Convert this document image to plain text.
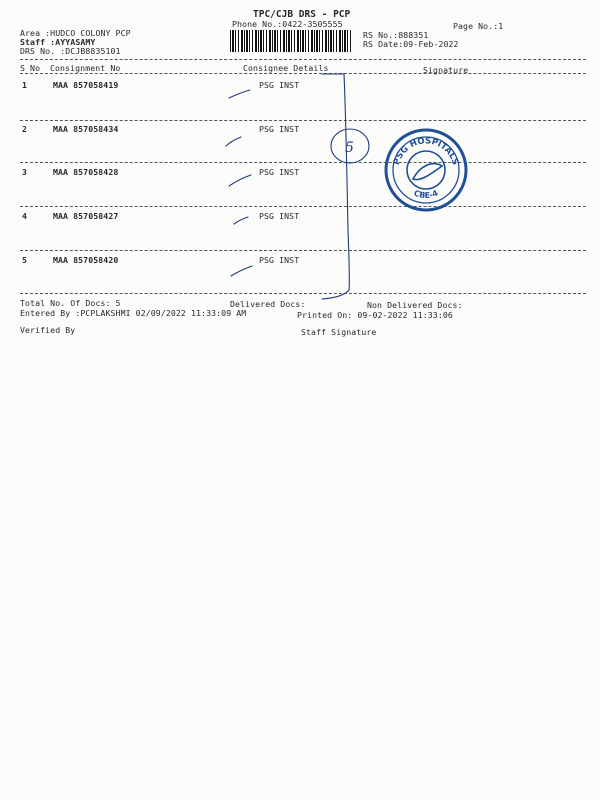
TPC/CJB DRS - PCP
Phone No.:0422-3505555	Page No.:1
Area :HUDCO COLONY PCP
Staff :AYYASAMY
DRS No. :DCJB8835101
RS No.:888351
RS Date:09-Feb-2022
S No Consignment No	Consignee Details	Signature
1	MAA 857058419	PSG INST
2	MAA 857058434	PSG INST
3	MAA 857058428	PSG INST
4	MAA 857058427	PSG INST
5	MAA 857058420	PSG INST
Total No. Of Docs: 5	Delivered Docs:	Non Delivered Docs:
Entered By :PCPLAKSHMI 02/09/2022 11:33:09 AM	Printed On: 09-02-2022 11:33:06
Verified By	Staff Signature
5
PSG HOSPITALS
CBE-4
